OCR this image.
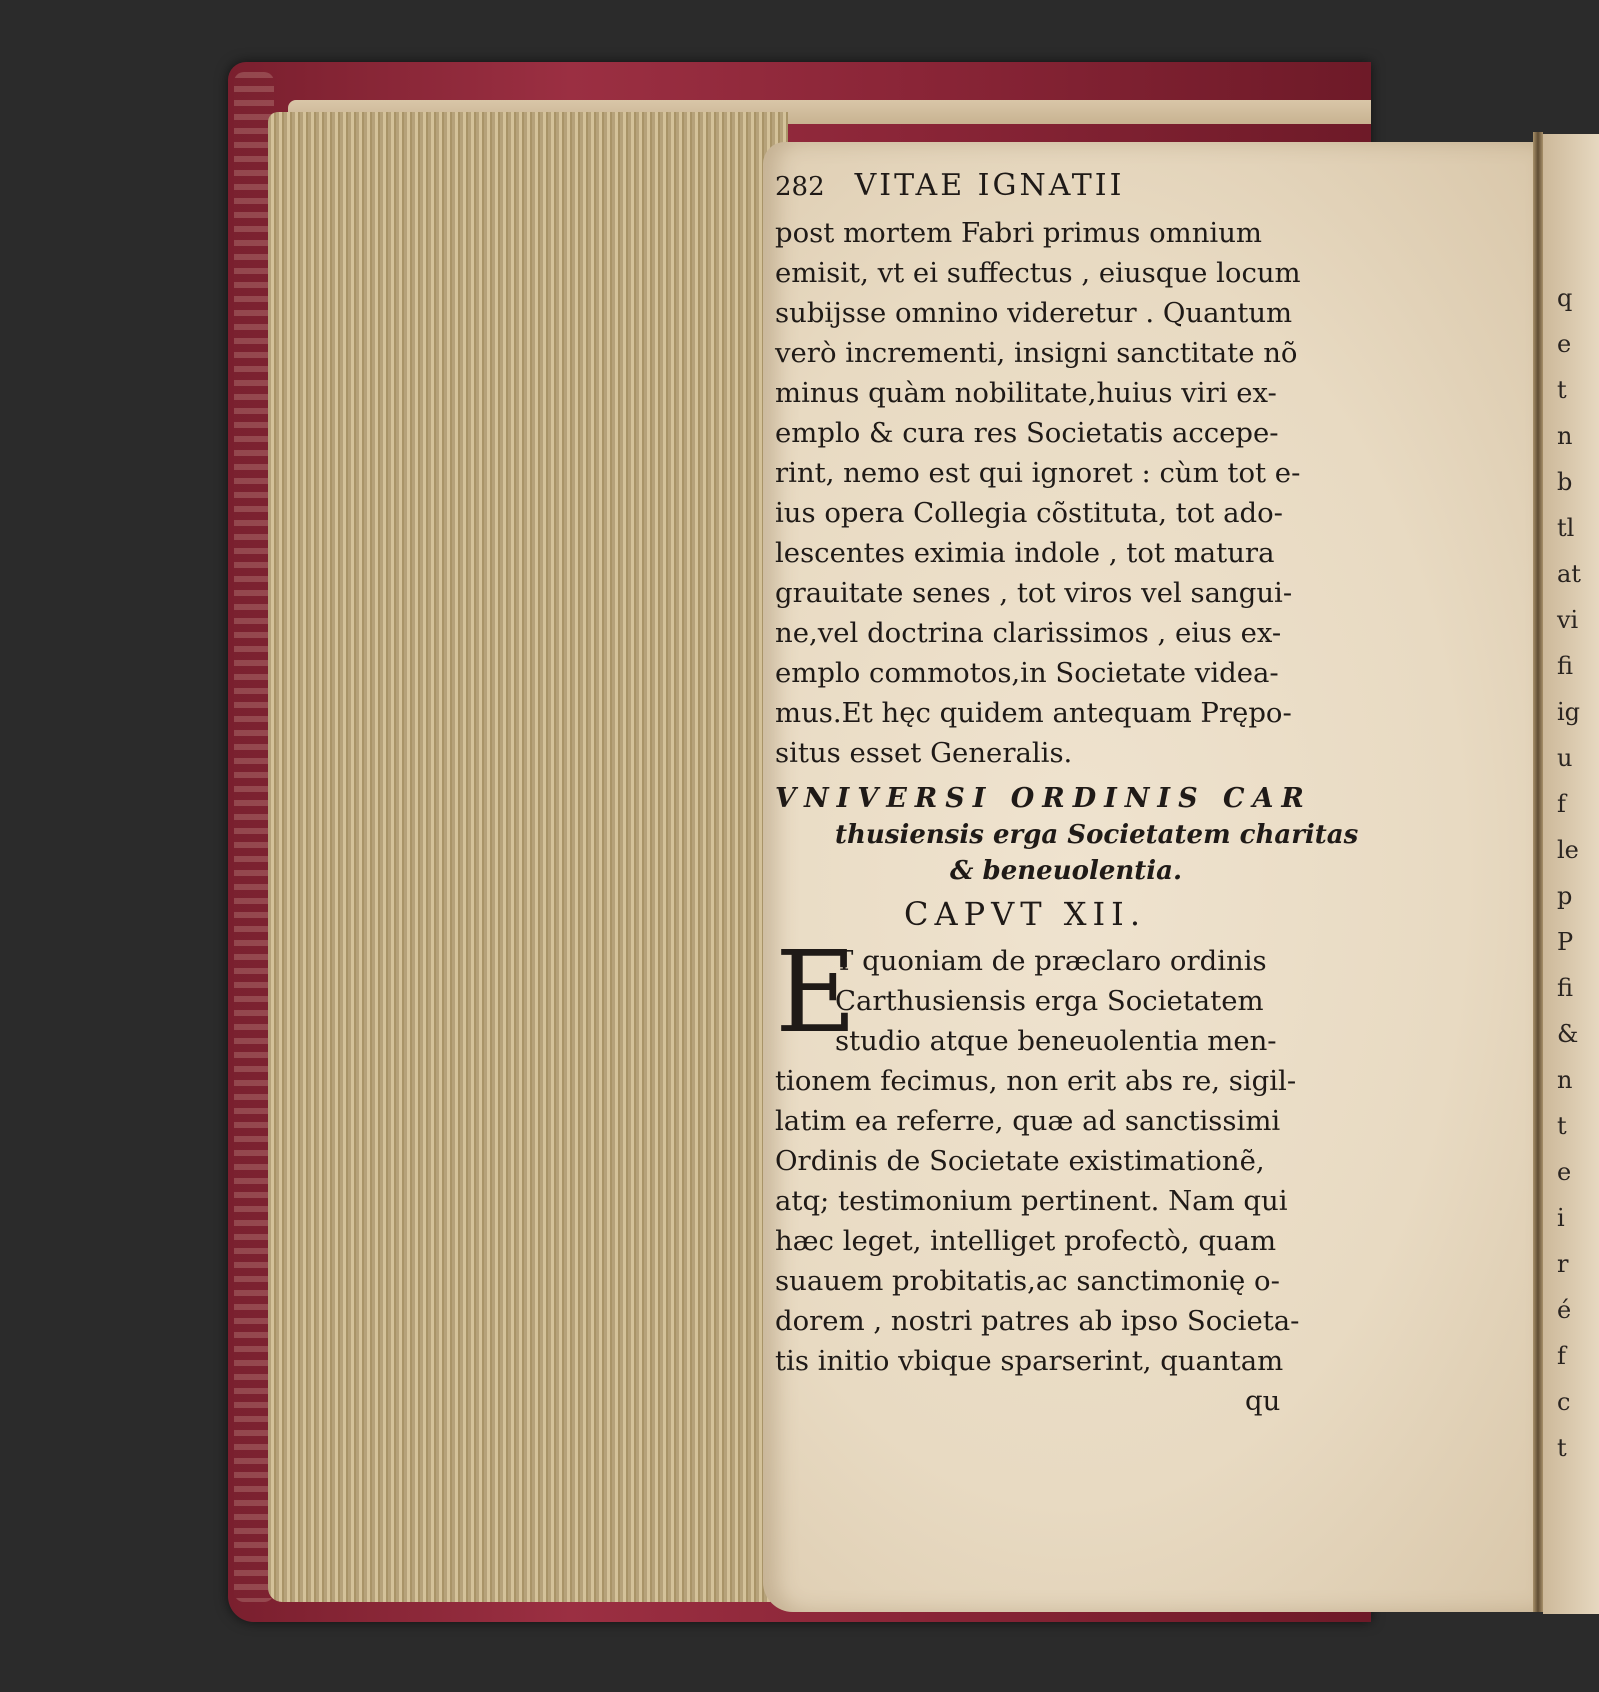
q
e
t
n
b
tl
at
vi
fi
ig
u
f
le
p
P
fi
&
n
t
e
i
r
é
f
c
t
282 VITAE IGNATII
post mortem Fabri primus omnium
emisit, vt ei suffectus , eiusque locum
subijsse omnino videretur . Quantum
verò incrementi, insigni sanctitate nõ
minus quàm nobilitate,huius viri ex-
emplo & cura res Societatis accepe-
rint, nemo est qui ignoret : cùm tot e-
ius opera Collegia cõstituta, tot ado-
lescentes eximia indole , tot matura
grauitate senes , tot viros vel sangui-
ne,vel doctrina clarissimos , eius ex-
emplo commotos,in Societate videa-
mus.Et hęc quidem antequam Prępo-
situs esset Generalis.
VNIVERSI ORDINIS CAR
thusiensis erga Societatem charitas
& beneuolentia.
CAPVT XII.
E
T quoniam de præclaro ordinis
Carthusiensis erga Societatem
studio atque beneuolentia men-
tionem fecimus, non erit abs re, sigil-
latim ea referre, quæ ad sanctissimi
Ordinis de Societate existimationẽ,
atq; testimonium pertinent. Nam qui
hæc leget, intelliget profectò, quam
suauem probitatis,ac sanctimonię o-
dorem , nostri patres ab ipso Societa-
tis initio vbique sparserint, quantam
qu
